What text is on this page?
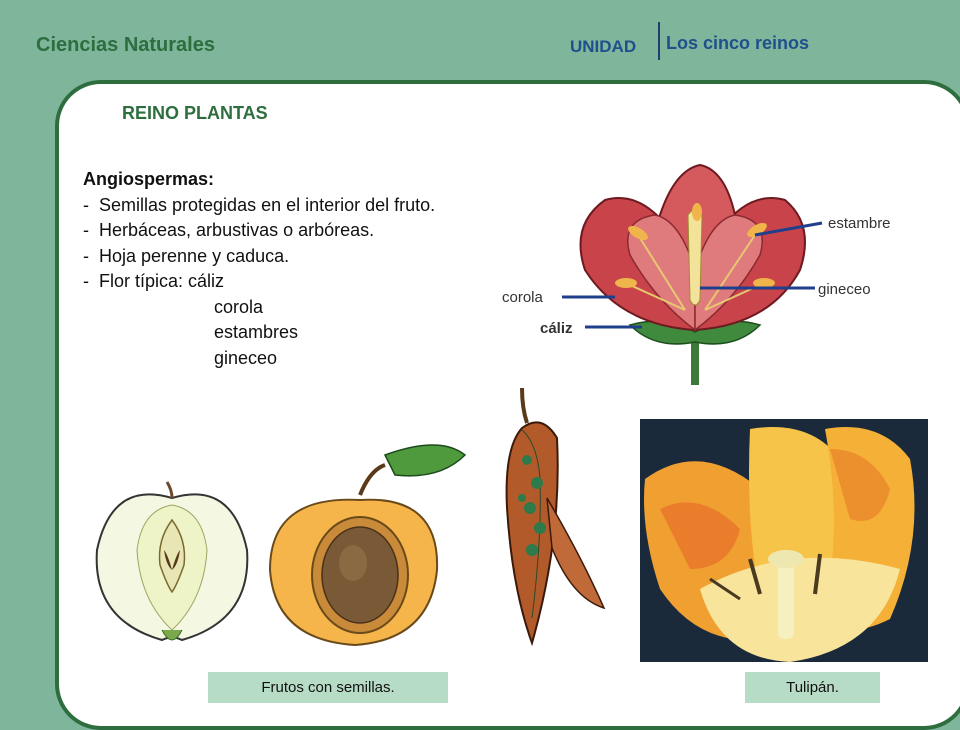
Ciencias Naturales	UNIDAD Los cinco reinos
REINO PLANTAS
Angiospermas:
-  Semillas protegidas en el interior del fruto.
-  Herbáceas, arbustivas o arbóreas.
-  Hoja perenne y caduca.
-  Flor típica: cáliz
corola
estambres
gineceo
estambre
gineceo
corola
cáliz
Frutos con semillas.	Tulipán.
